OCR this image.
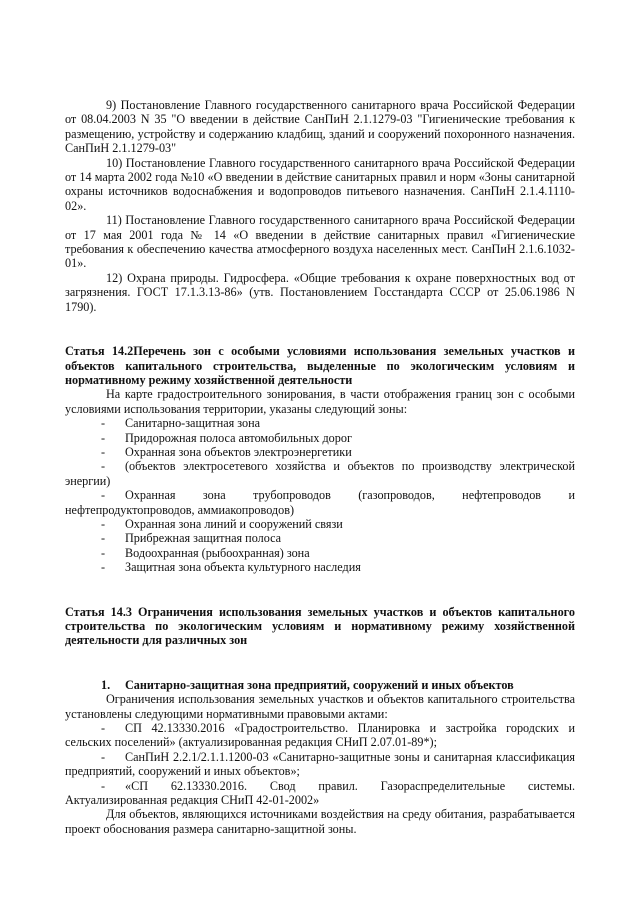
9) Постановление Главного государственного санитарного врача Российской Федерации от 08.04.2003 N 35 "О введении в действие СанПиН 2.1.1279-03 "Гигиенические требования к размещению, устройству и содержанию кладбищ, зданий и сооружений похоронного назначения. СанПиН 2.1.1279-03"

10) Постановление Главного государственного санитарного врача Российской Федерации от 14 марта 2002 года №10 «О введении в действие санитарных правил и норм «Зоны санитарной охраны источников водоснабжения и водопроводов питьевого назначения. СанПиН 2.1.4.1110-02».

11) Постановление Главного государственного санитарного врача Российской Федерации от 17 мая 2001 года № 14 «О введении в действие санитарных правил «Гигиенические требования к обеспечению качества атмосферного воздуха населенных мест. СанПиН 2.1.6.1032-01».

12) Охрана природы. Гидросфера. «Общие требования к охране поверхностных вод от загрязнения. ГОСТ 17.1.3.13-86» (утв. Постановлением Госстандарта СССР от 25.06.1986 N 1790).

Статья 14.2Перечень зон с особыми условиями использования земельных участков и объектов капитального строительства, выделенные по экологическим условиям и нормативному режиму хозяйственной деятельности

На карте градостроительного зонирования, в части отображения границ зон с особыми условиями использования территории, указаны следующий зоны:

-	Санитарно-защитная зона

-	Придорожная полоса автомобильных дорог

-	Охранная зона объектов электроэнергетики

- (объектов электросетевого хозяйства и объектов по производству электрической энергии)

- Охранная зона трубопроводов (газопроводов, нефтепроводов и нефтепродуктопроводов, аммиакопроводов)

-	Охранная зона линий и сооружений связи

-	Прибрежная защитная полоса

-	Водоохранная (рыбоохранная) зона

-	Защитная зона объекта культурного наследия

Статья 14.3 Ограничения использования земельных участков и объектов капитального строительства по экологическим условиям и нормативному режиму хозяйственной деятельности для различных зон

1. Санитарно-защитная зона предприятий, сооружений и иных объектов

Ограничения использования земельных участков и объектов капитального строительства установлены следующими нормативными правовыми актами:

- СП 42.13330.2016 «Градостроительство. Планировка и застройка городских и сельских поселений» (актуализированная редакция СНиП 2.07.01-89*);

- СанПиН 2.2.1/2.1.1.1200-03 «Санитарно-защитные зоны и санитарная классификация предприятий, сооружений и иных объектов»;

- «СП 62.13330.2016. Свод правил. Газораспределительные системы. Актуализированная редакция СНиП 42-01-2002»

Для объектов, являющихся источниками воздействия на среду обитания, разрабатывается проект обоснования размера санитарно-защитной зоны.
